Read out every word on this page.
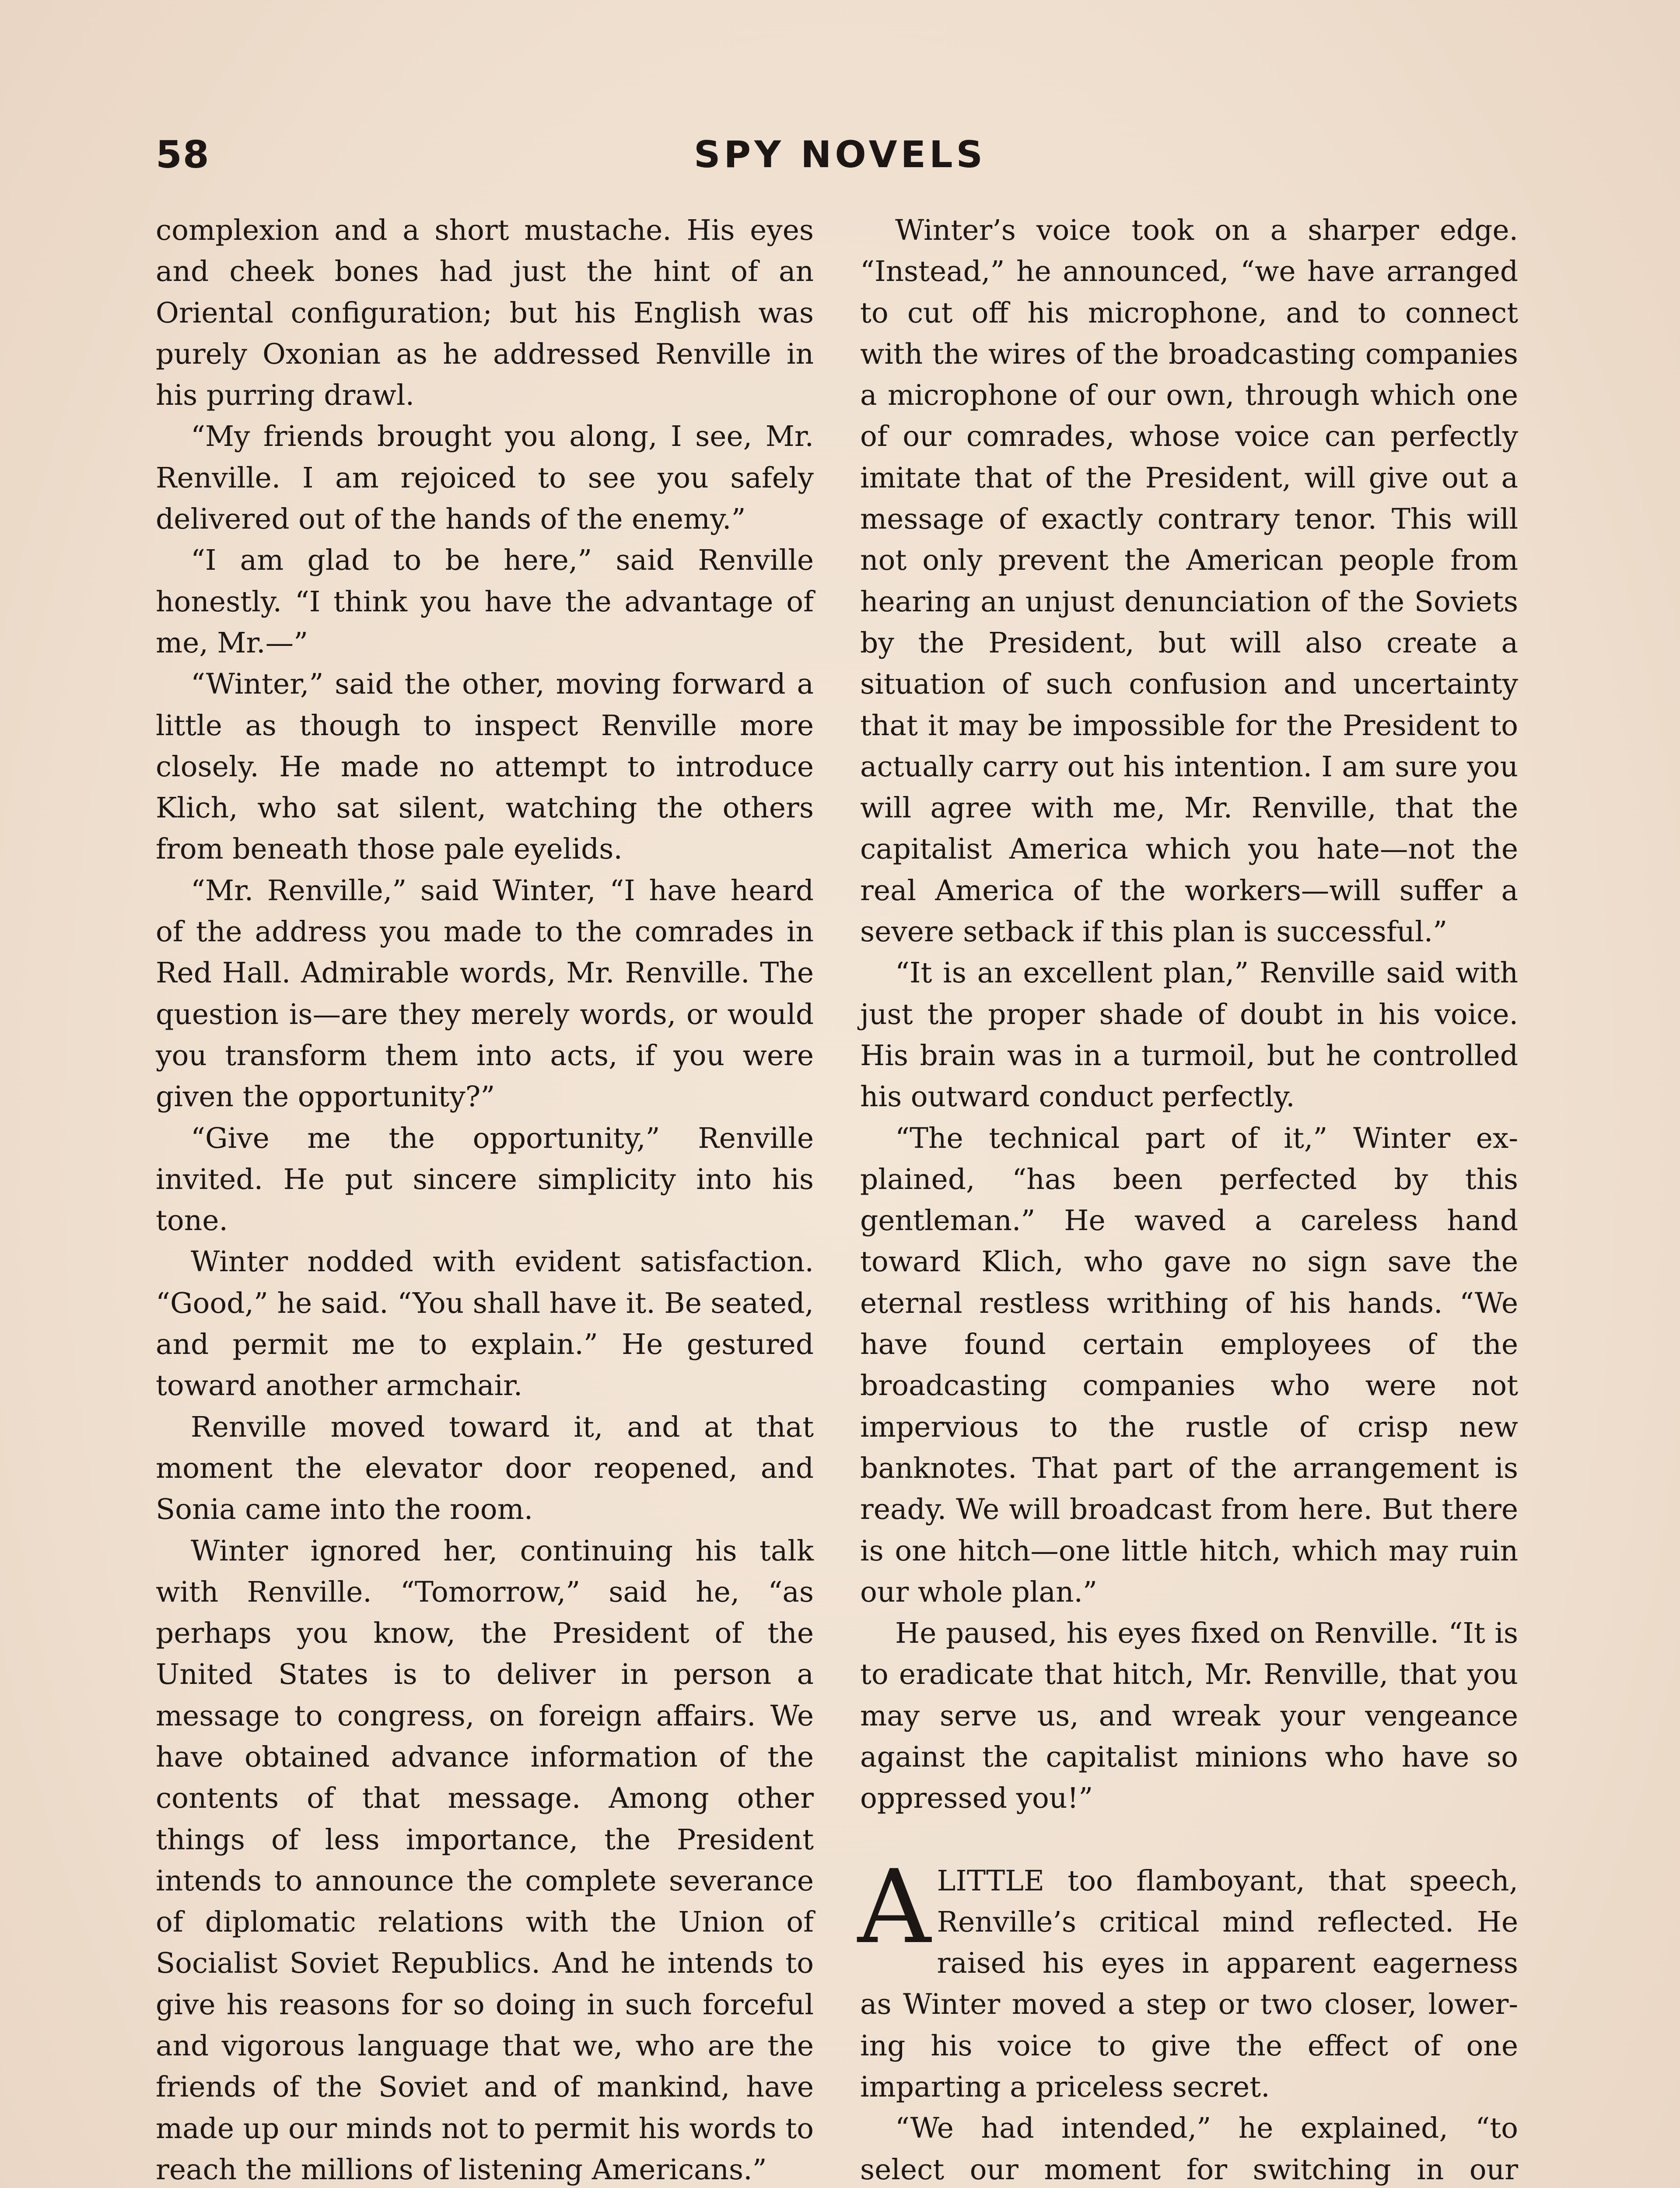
58	SPY NOVELS

complexion and a short mustache. His eyes and cheek bones had just the hint of an Oriental configuration; but his English was purely Oxonian as he addressed Renville in his purring drawl.

“My friends brought you along, I see, Mr. Renville. I am rejoiced to see you safely delivered out of the hands of the enemy.”

“I am glad to be here,” said Renville honestly. “I think you have the advantage of me, Mr.—”

“Winter,” said the other, moving forward a little as though to inspect Renville more closely. He made no attempt to introduce Klich, who sat silent, watching the others from beneath those pale eyelids.

“Mr. Renville,” said Winter, “I have heard of the address you made to the comrades in Red Hall. Admirable words, Mr. Renville. The question is—are they merely words, or would you transform them into acts, if you were given the opportunity?”

“Give me the opportunity,” Renville invited. He put sincere simplicity into his tone.

Winter nodded with evident satisfaction. “Good,” he said. “You shall have it. Be seated, and permit me to explain.” He gestured toward another armchair.

Renville moved toward it, and at that moment the elevator door reopened, and Sonia came into the room.

Winter ignored her, continuing his talk with Renville. “Tomorrow,” said he, “as perhaps you know, the President of the United States is to deliver in person a message to congress, on foreign affairs. We have obtained advance information of the contents of that message. Among other things of less importance, the President intends to announce the complete severance of diplomatic relations with the Union of Socialist Soviet Republics. And he intends to give his reasons for so doing in such forceful and vigorous language that we, who are the friends of the Soviet and of mankind, have made up our minds not to permit his words to reach the millions of listening Americans.”

Winter’s voice took on a sharper edge. “Instead,” he announced, “we have arranged to cut off his microphone, and to connect with the wires of the broadcasting companies a microphone of our own, through which one of our comrades, whose voice can perfectly imitate that of the President, will give out a message of exactly contrary tenor. This will not only prevent the American people from hearing an unjust denunciation of the Soviets by the President, but will also create a situation of such confusion and uncertainty that it may be impossible for the President to actually carry out his intention. I am sure you will agree with me, Mr. Renville, that the capitalist America which you hate—not the real America of the workers—will suffer a severe setback if this plan is successful.”

“It is an excellent plan,” Renville said with just the proper shade of doubt in his voice. His brain was in a turmoil, but he controlled his outward conduct perfectly.

“The technical part of it,” Winter explained, “has been perfected by this gentleman.” He waved a careless hand toward Klich, who gave no sign save the eternal restless writhing of his hands. “We have found certain employees of the broadcasting companies who were not impervious to the rustle of crisp new banknotes. That part of the arrangement is ready. We will broadcast from here. But there is one hitch—one little hitch, which may ruin our whole plan.”

He paused, his eyes fixed on Renville. “It is to eradicate that hitch, Mr. Renville, that you may serve us, and wreak your vengeance against the capitalist minions who have so oppressed you!”

ALITTLE too flamboyant, that speech, Renville’s critical mind reflected. He raised his eyes in apparent eagerness as Winter moved a step or two closer, lowering his voice to give the effect of one imparting a priceless secret.

“We had intended,” he explained, “to select our moment for switching in our
